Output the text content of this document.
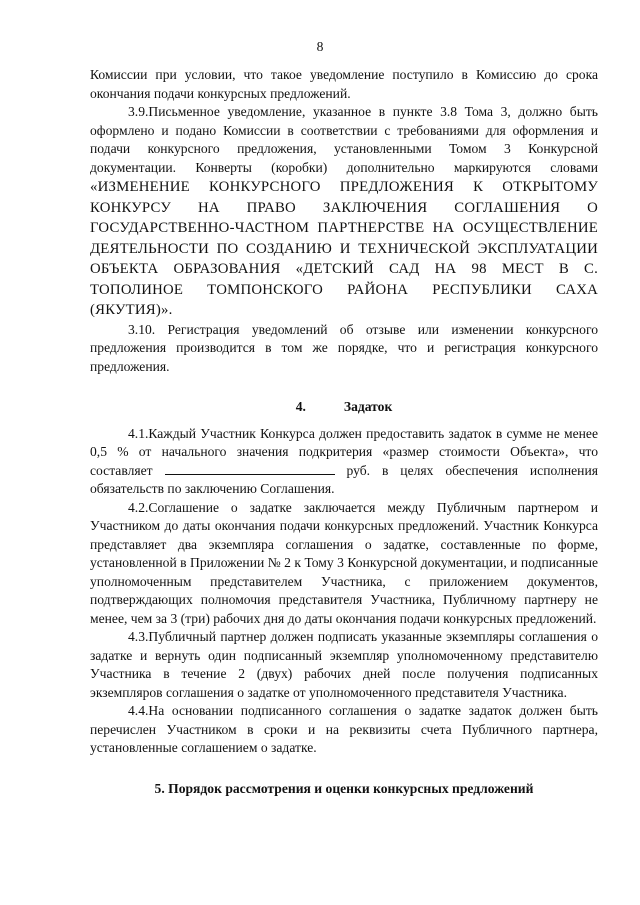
8

Комиссии при условии, что такое уведомление поступило в Комиссию до срока окончания подачи конкурсных предложений.

3.9.Письменное уведомление, указанное в пункте 3.8 Тома 3, должно быть оформлено и подано Комиссии в соответствии с требованиями для оформления и подачи конкурсного предложения, установленными Томом 3 Конкурсной документации. Конверты (коробки) дополнительно маркируются словами «ИЗМЕНЕНИЕ КОНКУРСНОГО ПРЕДЛОЖЕНИЯ К ОТКРЫТОМУ КОНКУРСУ НА ПРАВО ЗАКЛЮЧЕНИЯ СОГЛАШЕНИЯ О ГОСУДАРСТВЕННО-ЧАСТНОМ ПАРТНЕРСТВЕ НА ОСУЩЕСТВЛЕНИЕ ДЕЯТЕЛЬНОСТИ ПО СОЗДАНИЮ И ТЕХНИЧЕСКОЙ ЭКСПЛУАТАЦИИ ОБЪЕКТА ОБРАЗОВАНИЯ «ДЕТСКИЙ САД НА 98 МЕСТ В С. ТОПОЛИНОЕ ТОМПОНСКОГО РАЙОНА РЕСПУБЛИКИ САХА (ЯКУТИЯ)».

3.10. Регистрация уведомлений об отзыве или изменении конкурсного предложения производится в том же порядке, что и регистрация конкурсного предложения.

4.	Задаток

4.1.Каждый Участник Конкурса должен предоставить задаток в сумме не менее 0,5 % от начального значения подкритерия «размер стоимости Объекта», что составляет	руб. в целях обеспечения исполнения обязательств по заключению Соглашения.

4.2.Соглашение о задатке заключается между Публичным партнером и Участником до даты окончания подачи конкурсных предложений. Участник Конкурса представляет два экземпляра соглашения о задатке, составленные по форме, установленной в Приложении № 2 к Тому 3 Конкурсной документации, и подписанные уполномоченным представителем Участника, с приложением документов, подтверждающих полномочия представителя Участника, Публичному партнеру не менее, чем за 3 (три) рабочих дня до даты окончания подачи конкурсных предложений.

4.3.Публичный партнер должен подписать указанные экземпляры соглашения о задатке и вернуть один подписанный экземпляр уполномоченному представителю Участника в течение 2 (двух) рабочих дней после получения подписанных экземпляров соглашения о задатке от уполномоченного представителя Участника.

4.4.На основании подписанного соглашения о задатке задаток должен быть перечислен Участником в сроки и на реквизиты счета Публичного партнера, установленные соглашением о задатке.

5. Порядок рассмотрения и оценки конкурсных предложений
